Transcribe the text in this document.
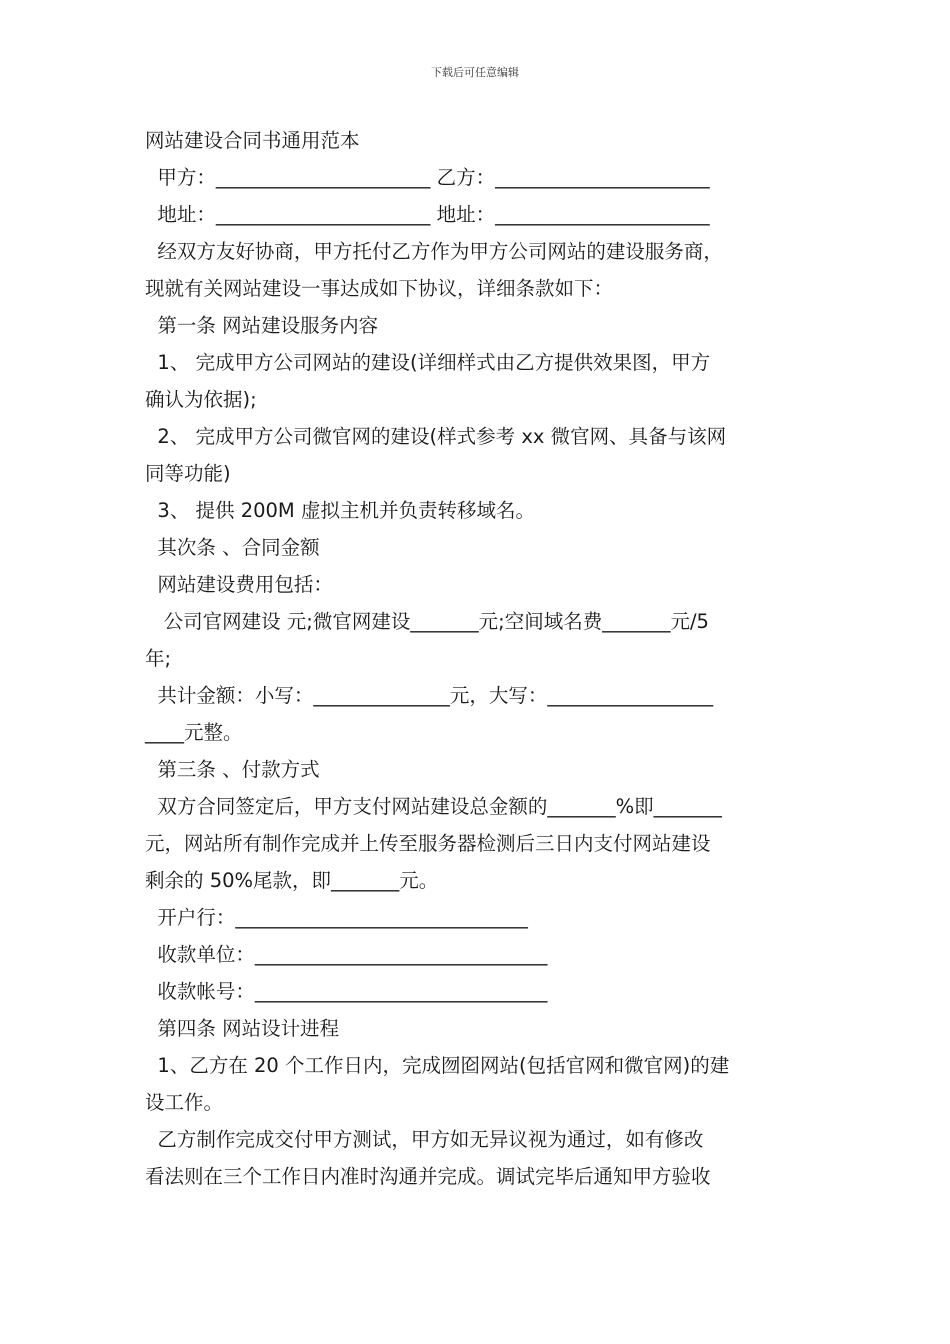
下载后可任意编辑

网站建设合同书通用范本

甲方：______________________ 乙方：______________________

地址：______________________ 地址：______________________

经双方友好协商，甲方托付乙方作为甲方公司网站的建设服务商，

现就有关网站建设一事达成如下协议，详细条款如下：

第一条 网站建设服务内容

1、 完成甲方公司网站的建设(详细样式由乙方提供效果图，甲方

确认为依据);

2、 完成甲方公司微官网的建设(样式参考 xx 微官网、具备与该网

同等功能)

3、 提供 200M 虚拟主机并负责转移域名。

其次条 、合同金额

网站建设费用包括：

公司官网建设 元;微官网建设_______元;空间域名费_______元/5

年;

共计金额：小写：______________元，大写：_________________

____元整。

第三条 、付款方式

双方合同签定后，甲方支付网站建设总金额的_______%即_______

元，网站所有制作完成并上传至服务器检测后三日内支付网站建设

剩余的 50%尾款，即_______元。

开户行：______________________________

收款单位：______________________________

收款帐号：______________________________

第四条 网站设计进程

1、乙方在 20 个工作日内，完成囫囵网站(包括官网和微官网)的建

设工作。

乙方制作完成交付甲方测试，甲方如无异议视为通过，如有修改

看法则在三个工作日内准时沟通并完成。调试完毕后通知甲方验收
